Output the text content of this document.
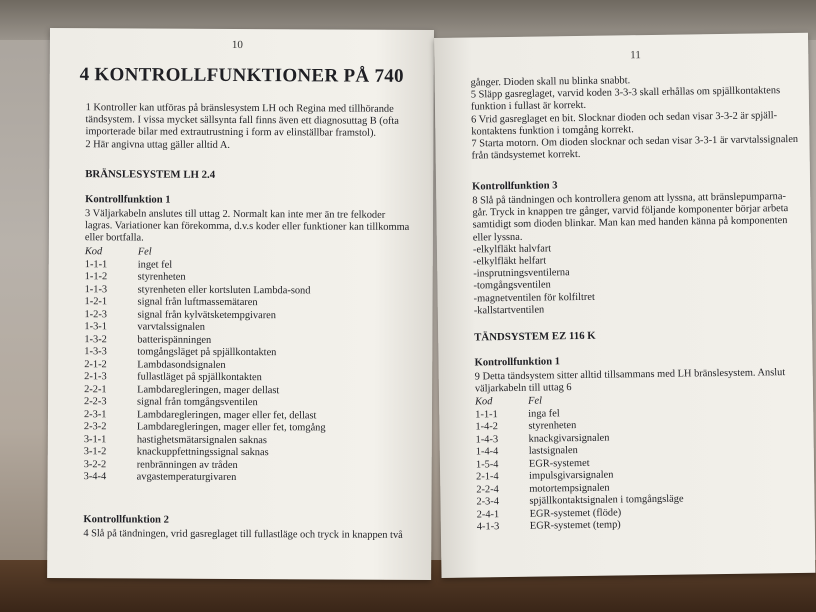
10
4 KONTROLLFUNKTIONER PÅ 740
1 Kontroller kan utföras på bränslesystem LH och Regina med tillhörande
tändsystem. I vissa mycket sällsynta fall finns även ett diagnosuttag B (ofta
importerade bilar med extrautrustning i form av elinställbar framstol).
2 Här angivna uttag gäller alltid A.
BRÄNSLESYSTEM LH 2.4
Kontrollfunktion 1
3 Väljarkabeln anslutes till uttag 2. Normalt kan inte mer än tre felkoder
lagras. Variationer kan förekomma, d.v.s koder eller funktioner kan tillkomma
eller bortfalla.
Kod	Fel
1-1-1	inget fel
1-1-2	styrenheten
1-1-3	styrenheten eller kortsluten Lambda-sond
1-2-1	signal från luftmassemätaren
1-2-3	signal från kylvätsketempgivaren
1-3-1	varvtalssignalen
1-3-2	batterispänningen
1-3-3	tomgångsläget på spjällkontakten
2-1-2	Lambdasondsignalen
2-1-3	fullastläget på spjällkontakten
2-2-1	Lambdaregleringen, mager dellast
2-2-3	signal från tomgångsventilen
2-3-1	Lambdaregleringen, mager eller fet, dellast
2-3-2	Lambdaregleringen, mager eller fet, tomgång
3-1-1	hastighetsmätarsignalen saknas
3-1-2	knackuppfettningssignal saknas
3-2-2	renbränningen av tråden
3-4-4	avgastemperaturgivaren
Kontrollfunktion 2
4 Slå på tändningen, vrid gasreglaget till fullastläge och tryck in knappen två
11
gånger. Dioden skall nu blinka snabbt.
5 Släpp gasreglaget, varvid koden 3-3-3 skall erhållas om spjällkontaktens
funktion i fullast är korrekt.
6 Vrid gasreglaget en bit. Slocknar dioden och sedan visar 3-3-2 är spjäll-
kontaktens funktion i tomgång korrekt.
7 Starta motorn. Om dioden slocknar och sedan visar 3-3-1 är varvtalssignalen
från tändsystemet korrekt.
Kontrollfunktion 3
8 Slå på tändningen och kontrollera genom att lyssna, att bränslepumparna-
går. Tryck in knappen tre gånger, varvid följande komponenter börjar arbeta
samtidigt som dioden blinkar. Man kan med handen känna på komponenten
eller lyssna.
-elkylfläkt halvfart
-elkylfläkt helfart
-insprutningsventilerna
-tomgångsventilen
-magnetventilen för kolfiltret
-kallstartventilen
TÄNDSYSTEM EZ 116 K
Kontrollfunktion 1
9 Detta tändsystem sitter alltid tillsammans med LH bränslesystem. Anslut
väljarkabeln till uttag 6
Kod	Fel
1-1-1	inga fel
1-4-2	styrenheten
1-4-3	knackgivarsignalen
1-4-4	lastsignalen
1-5-4	EGR-systemet
2-1-4	impulsgivarsignalen
2-2-4	motortempsignalen
2-3-4	spjällkontaktsignalen i tomgångsläge
2-4-1	EGR-systemet (flöde)
4-1-3	EGR-systemet (temp)
